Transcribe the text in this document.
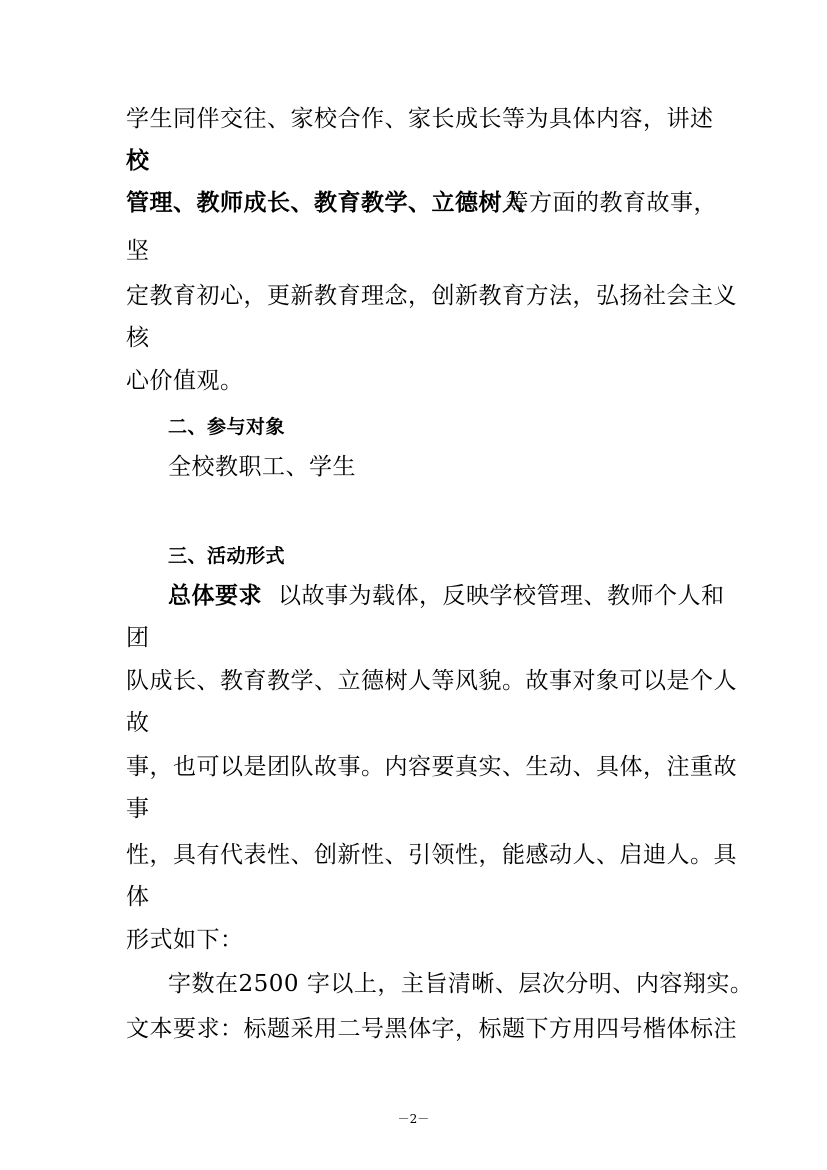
学生同伴交往、家校合作、家长成长等为具体内容，讲述
校
管理、教师成长、教育教学、立德树人等方面的教育故事，
坚
定教育初心，更新教育理念，创新教育方法，弘扬社会主义
核
心价值观。
二、参与对象
全校教职工、学生
三、活动形式
总体要求 以故事为载体，反映学校管理、教师个人和
团
队成长、教育教学、立德树人等风貌。故事对象可以是个人
故
事，也可以是团队故事。内容要真实、生动、具体，注重故
事
性，具有代表性、创新性、引领性，能感动人、启迪人。具
体
形式如下：
字数在2500 字以上，主旨清晰、层次分明、内容翔实。
文本要求：标题采用二号黑体字，标题下方用四号楷体标注
－2－
